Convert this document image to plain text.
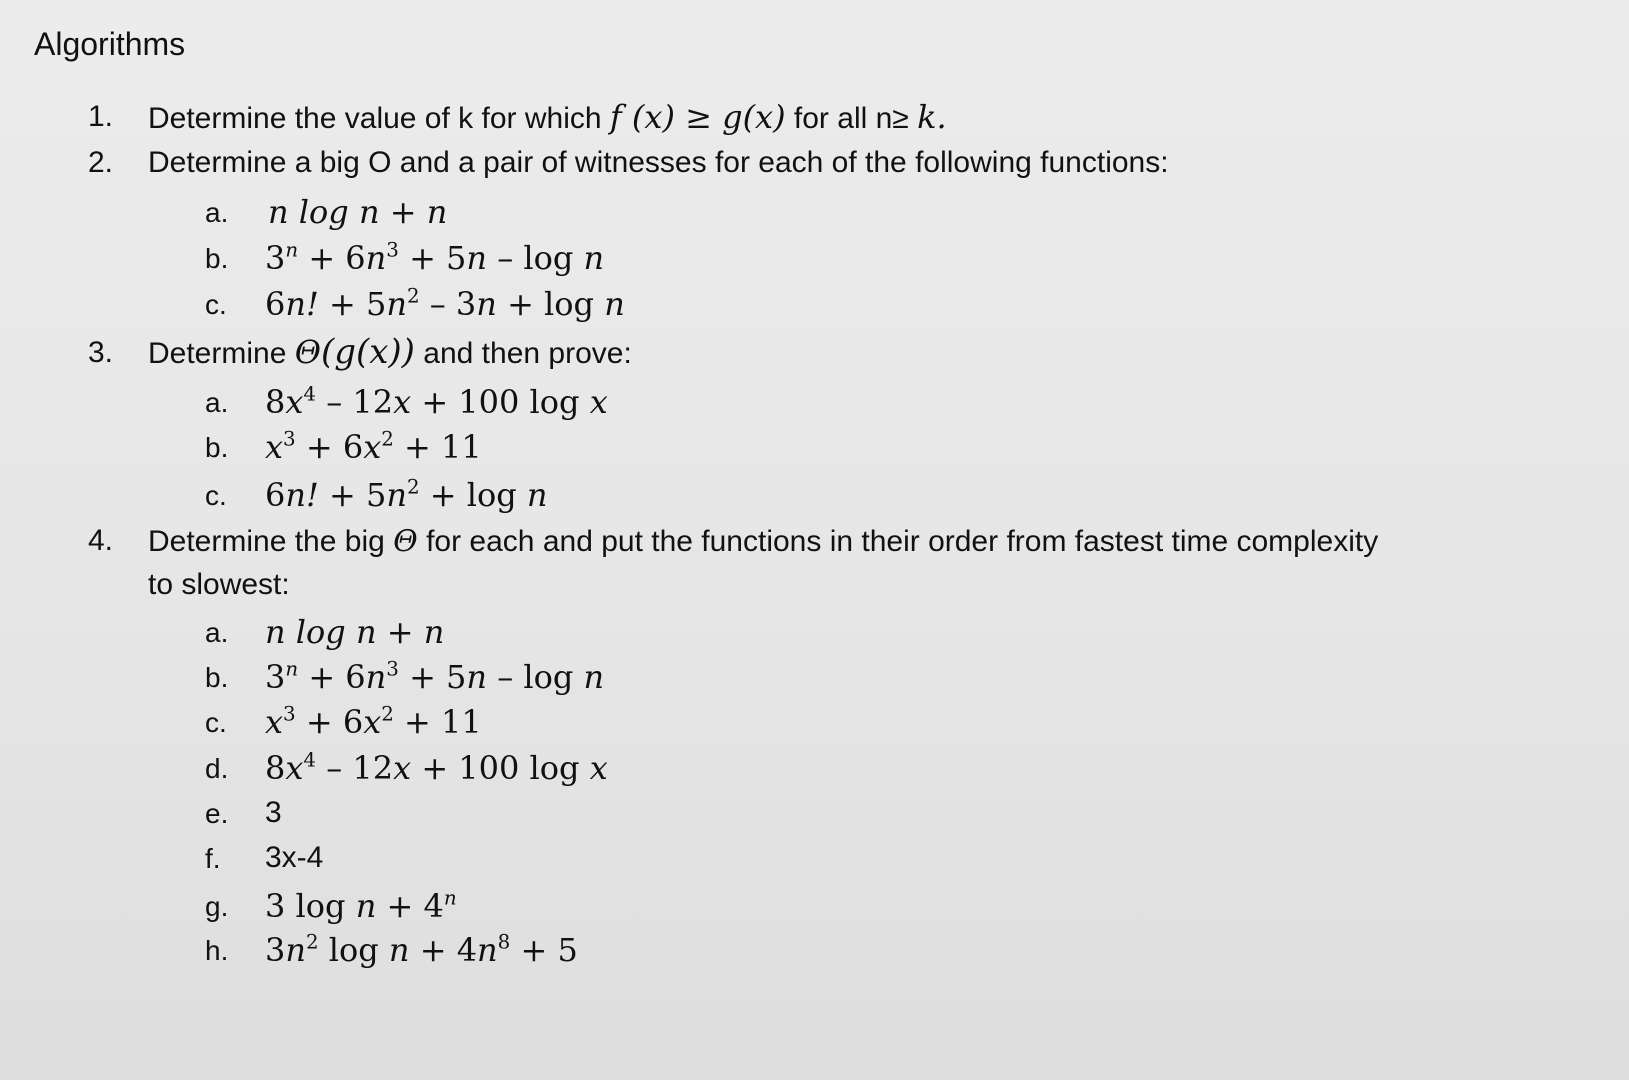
Algorithms
1. Determine the value of k for which f (x) ≥ g(x) for all n≥ k.
2. Determine a big O and a pair of witnesses for each of the following functions:
a. n log n + n
b. $3^n + 6n^3 + 5n - \log n$
c. 6n! + $5n^2 - 3n + \log n$
3. Determine Θ(g(x)) and then prove:
a. $8x^4 - 12x + 100$ log x
b. $x^3 + 6x^2 + 11$
c. 6n! + $5n^2 + \log n$
4. Determine the big Θ for each and put the functions in their order from fastest time complexity
to slowest:
a. n log n + n
b. $3^n + 6n^3 + 5n - \log n$
c. $x^3 + 6x^2 + 11$
d. $8x^4 - 12x + 100$ log x
e. 3
f. 3x-4
g. 3 $\log n + 4^n$
h. $3n^2$ $\log n + 4n^8 + 5$
